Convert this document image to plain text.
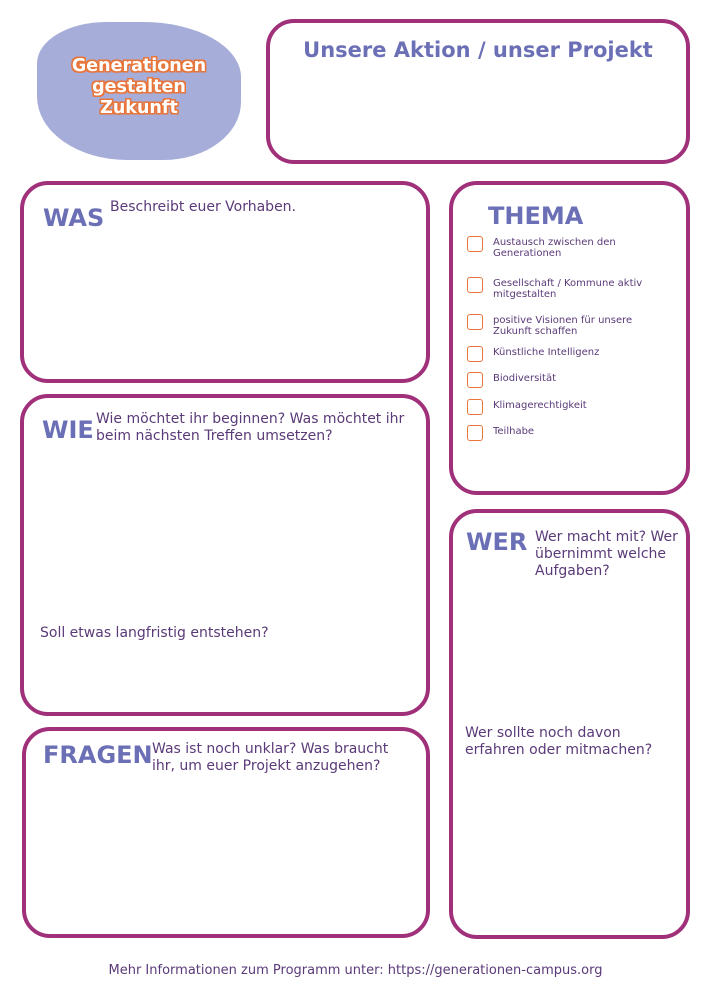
Generationen
gestalten
Zukunft
Unsere Aktion / unser Projekt
WAS Beschreibt euer Vorhaben.
WIE Wie möchtet ihr beginnen? Was möchtet ihr beim nächsten Treffen umsetzen?
Soll etwas langfristig entstehen?
FRAGEN Was ist noch unklar? Was braucht ihr, um euer Projekt anzugehen?
THEMA
Austausch zwischen den Generationen
Gesellschaft / Kommune aktiv mitgestalten
positive Visionen für unsere Zukunft schaffen
Künstliche Intelligenz
Biodiversität
Klimagerechtigkeit
Teilhabe
WER Wer macht mit? Wer übernimmt welche Aufgaben?
Wer sollte noch davon erfahren oder mitmachen?
Mehr Informationen zum Programm unter: https://generationen-campus.org
